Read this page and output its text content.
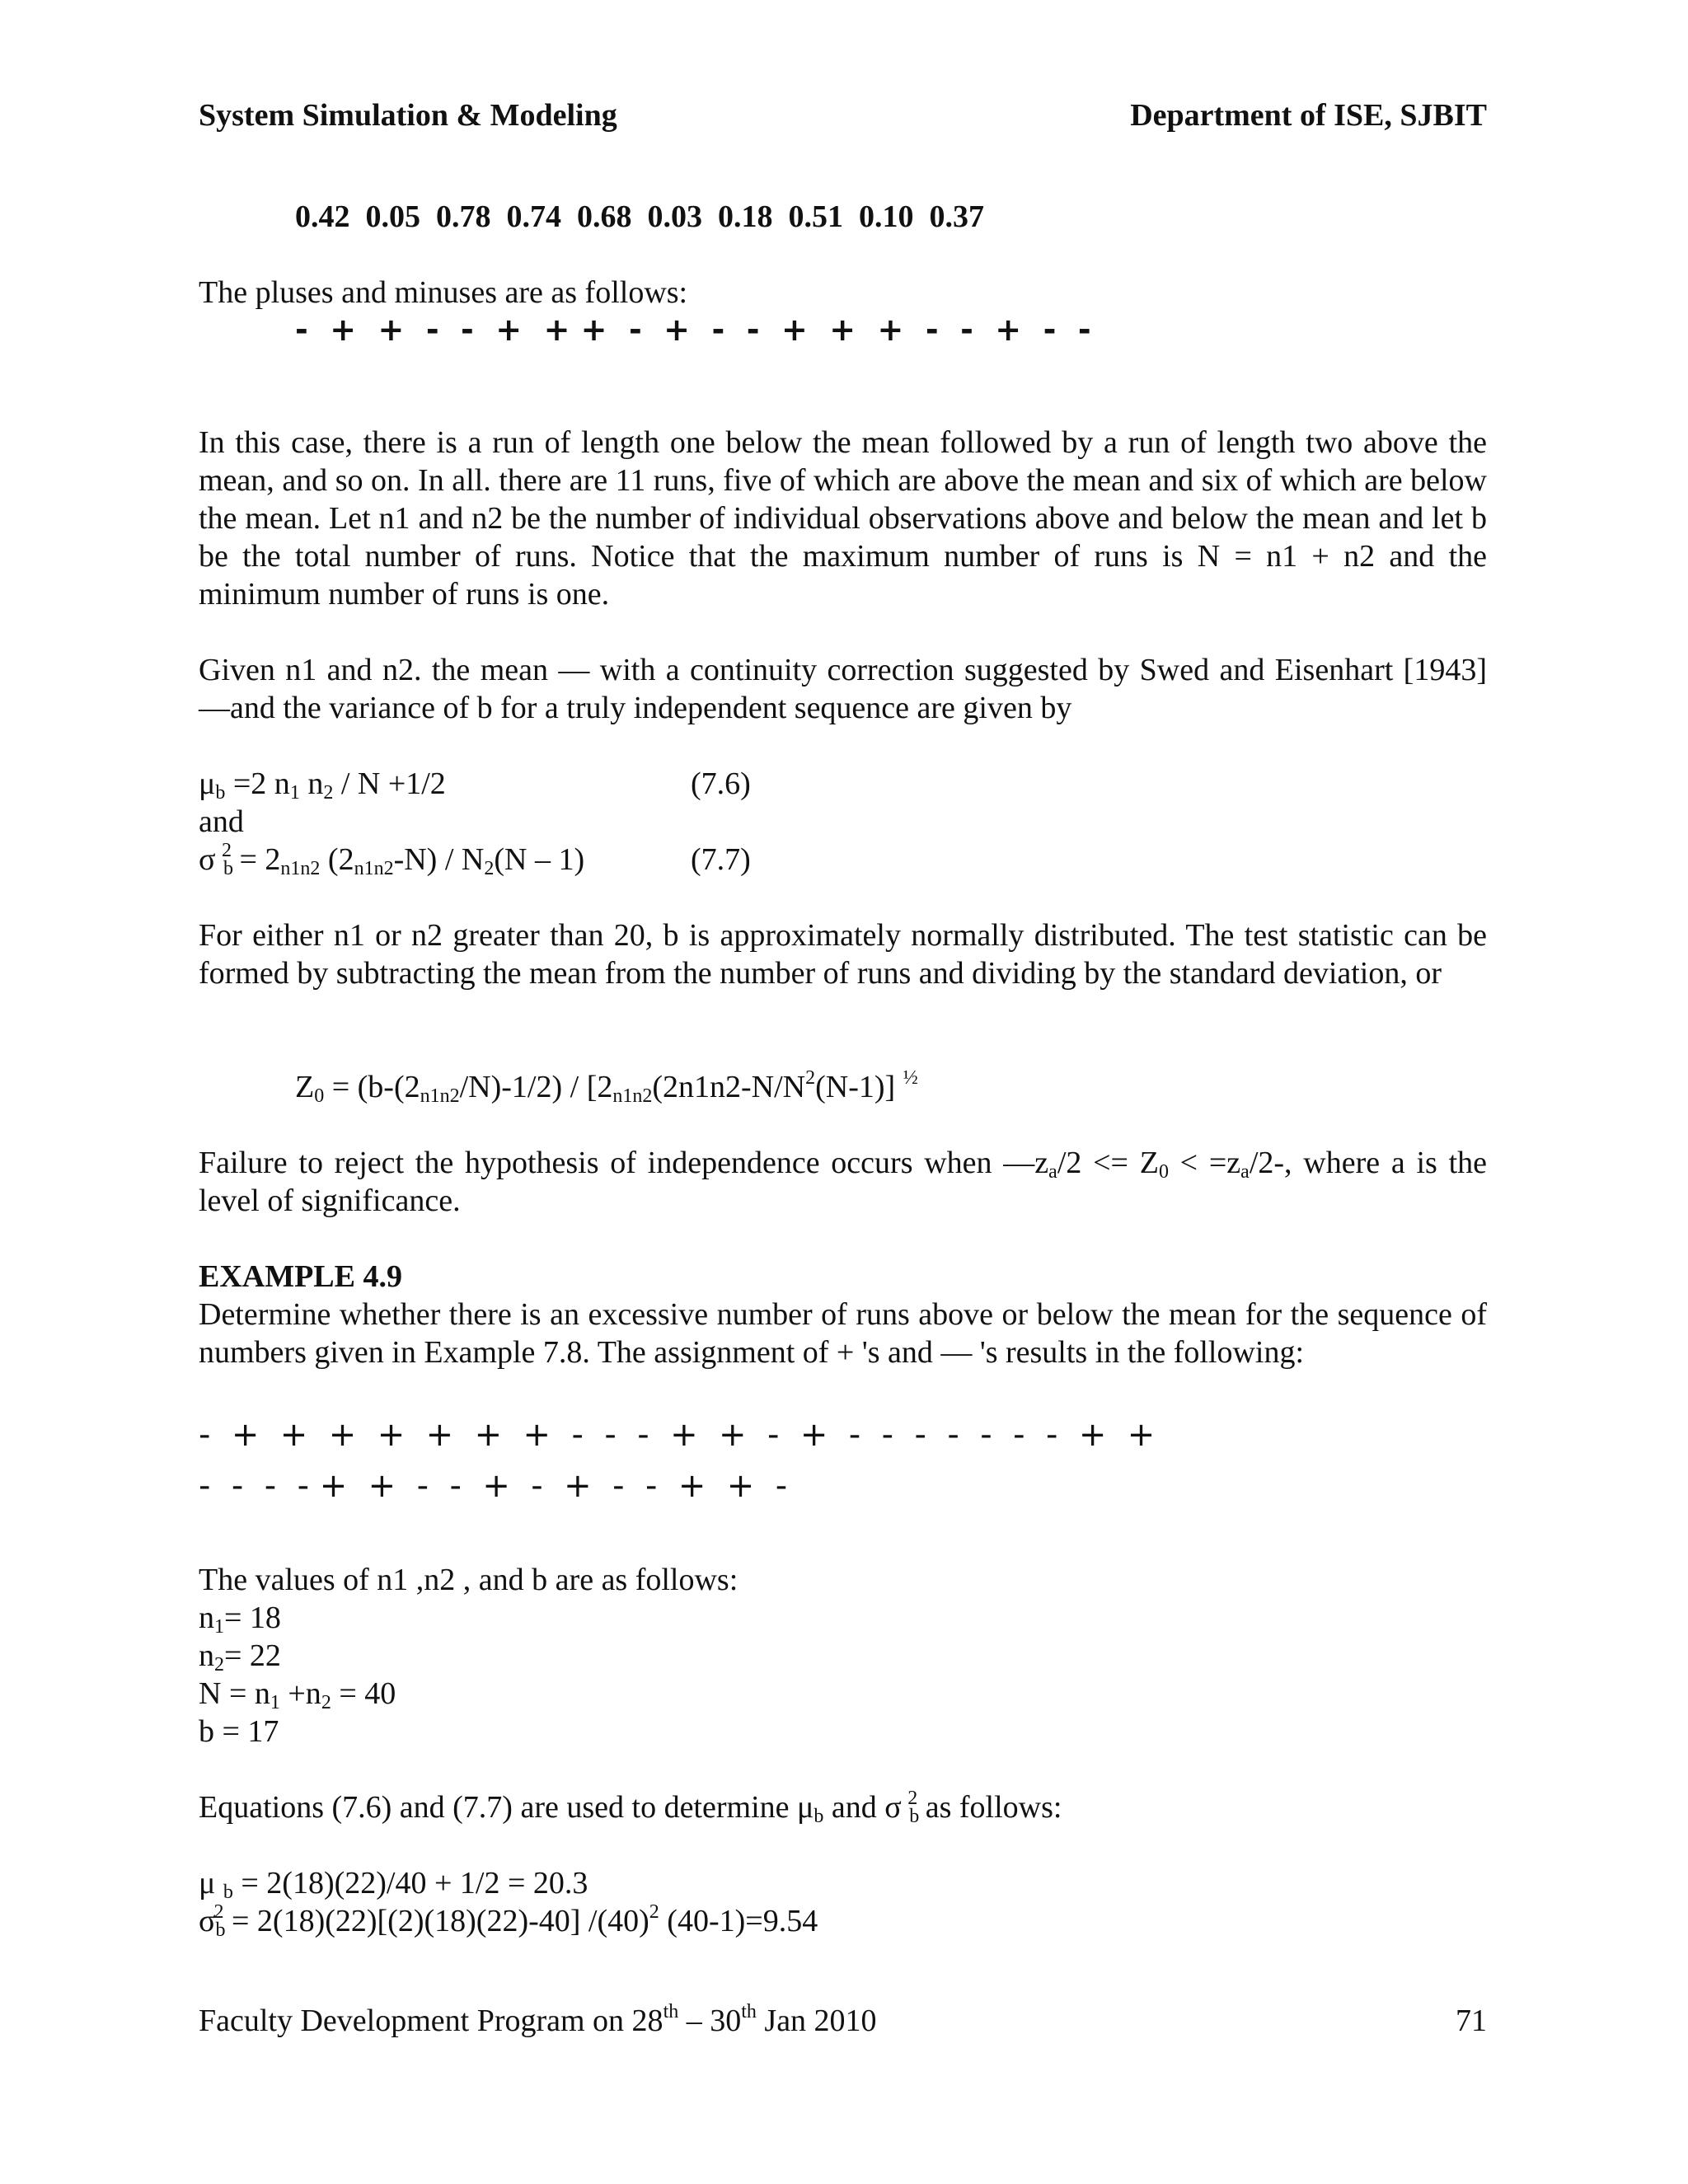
System Simulation & Modeling	Department of ISE, SJBIT
0.42  0.05  0.78  0.74  0.68  0.03  0.18  0.51  0.10  0.37
The pluses and minuses are as follows:
-  +  +  -  -  +  + +  -  +  -  -  +  +  +  -  -  +  -  -
In this case, there is a run of length one below the mean followed by a run of length two above the mean, and so on. In all. there are 11 runs, five of which are above the mean and six of which are below the mean. Let n1 and n2 be the number of individual observations above and below the mean and let b be the total number of runs. Notice that the maximum number of runs is N = n1 + n2 and the minimum number of runs is one.
Given n1 and n2. the mean — with a continuity correction suggested by Swed and Eisenhart [1943] —and the variance of b for a truly independent sequence are given by
$\mu_b =2$ $n_1$ $n_2 / N +1/2$	(7.6)
and
σ $_b^2 = 2_{n1n2}$ $(2_{n1n2}-N) / N_2(N - 1)$	(7.7)
For either n1 or n2 greater than 20, b is approximately normally distributed. The test statistic can be formed by subtracting the mean from the number of runs and dividing by the standard deviation, or
$Z_0 = (b-(2_{n1n2}/N)-1/2) / [2_{n1n2}(2n1n2-N/N^2(N-1)]$ $^{\frac{1}{2}}$
Failure to reject the hypothesis of independence occurs when $—z_a/2 <= Z_0 < =z_a/2-$, where a is the level of significance.
EXAMPLE 4.9
Determine whether there is an excessive number of runs above or below the mean for the sequence of numbers given in Example 7.8. The assignment of + 's and — 's results in the following:
-  +  +  +  +  +  +  +  -  -  -  +  +  -  +  -  -  -  -  -  -  -  +  +
-  -  -  - +  +  -  -  +  -  +  -  -  +  +  -
The values of n1 ,n2 , and b are as follows:
$n_1= 18$
$n_2= 22$
$N = n_1 +n_2 = 40$
b = 17
Equations (7.6) and (7.7) are used to determine $\mu_b$ and σ $_b^2$ as follows:
μ $_b$ = 2(18)(22)/40 + 1/2 = 20.3
$\sigma_b^2 = 2(18)(22)[(2)(18)(22)-40]$ $/(40)^2$ (40-1)=9.54
Faculty Development Program on 28th – 30th Jan 2010	71
